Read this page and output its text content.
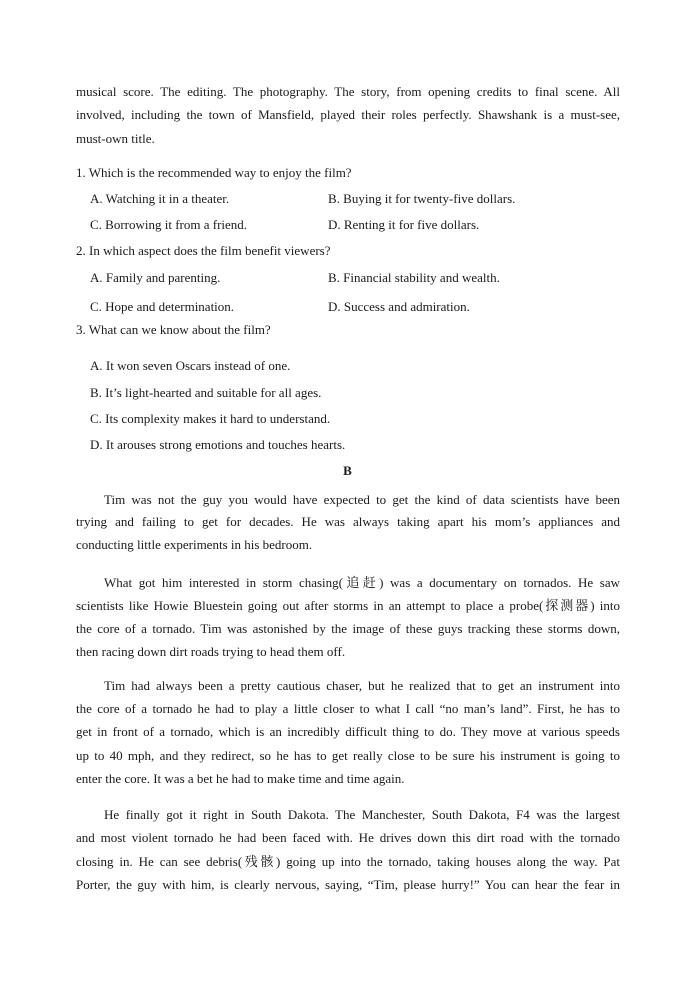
musical score. The editing. The photography. The story, from opening credits to final scene. All
involved, including the town of Mansfield, played their roles perfectly. Shawshank is a must-see,
must-own title.
1. Which is the recommended way to enjoy the film?
A. Watching it in a theater.	B. Buying it for twenty-five dollars.
C. Borrowing it from a friend.	D. Renting it for five dollars.
2. In which aspect does the film benefit viewers?
A. Family and parenting.	B. Financial stability and wealth.
C. Hope and determination.	D. Success and admiration.
3. What can we know about the film?
A. It won seven Oscars instead of one.
B. It’s light-hearted and suitable for all ages.
C. Its complexity makes it hard to understand.
D. It arouses strong emotions and touches hearts.
B
Tim was not the guy you would have expected to get the kind of data scientists have been
trying and failing to get for decades. He was always taking apart his mom’s appliances and
conducting little experiments in his bedroom.
What got him interested in storm chasing(追赶) was a documentary on tornados. He saw
scientists like Howie Bluestein going out after storms in an attempt to place a probe(探测器) into
the core of a tornado. Tim was astonished by the image of these guys tracking these storms down,
then racing down dirt roads trying to head them off.
Tim had always been a pretty cautious chaser, but he realized that to get an instrument into
the core of a tornado he had to play a little closer to what I call “no man’s land”. First, he has to
get in front of a tornado, which is an incredibly difficult thing to do. They move at various speeds
up to 40 mph, and they redirect, so he has to get really close to be sure his instrument is going to
enter the core. It was a bet he had to make time and time again.
He finally got it right in South Dakota. The Manchester, South Dakota, F4 was the largest
and most violent tornado he had been faced with. He drives down this dirt road with the tornado
closing in. He can see debris(残骸) going up into the tornado, taking houses along the way. Pat
Porter, the guy with him, is clearly nervous, saying, “Tim, please hurry!” You can hear the fear in
